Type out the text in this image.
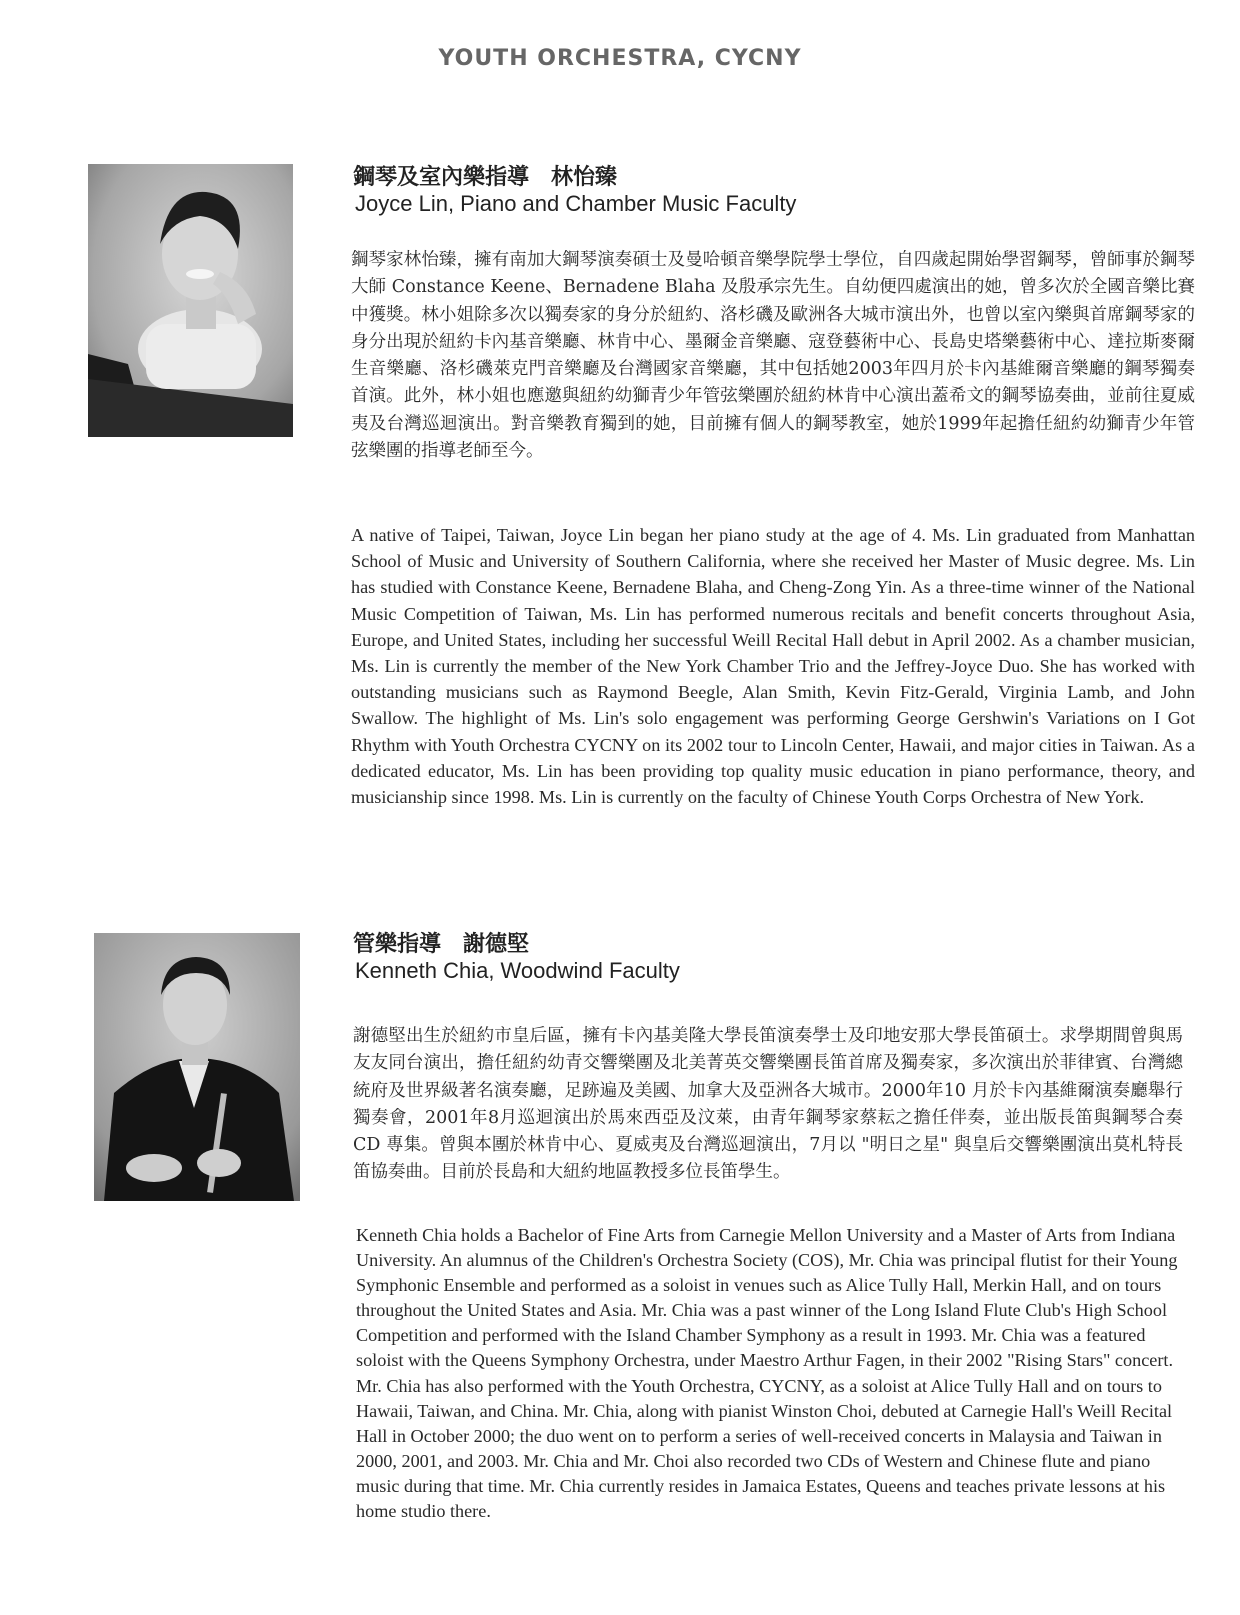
YOUTH ORCHESTRA, CYCNY
鋼琴及室內樂指導　林怡臻
Joyce Lin, Piano and Chamber Music Faculty
鋼琴家林怡臻，擁有南加大鋼琴演奏碩士及曼哈頓音樂學院學士學位，自四歲起開始學習鋼琴，曾師事於鋼琴大師 Constance Keene、Bernadene Blaha 及殷承宗先生。自幼便四處演出的她，曾多次於全國音樂比賽中獲獎。林小姐除多次以獨奏家的身分於紐約、洛杉磯及歐洲各大城市演出外，也曾以室內樂與首席鋼琴家的身分出現於紐約卡內基音樂廳、林肯中心、墨爾金音樂廳、寇登藝術中心、長島史塔樂藝術中心、達拉斯麥爾生音樂廳、洛杉磯萊克門音樂廳及台灣國家音樂廳，其中包括她2003年四月於卡內基維爾音樂廳的鋼琴獨奏首演。此外，林小姐也應邀與紐約幼獅青少年管弦樂團於紐約林肯中心演出蓋希文的鋼琴協奏曲，並前往夏威夷及台灣巡迴演出。對音樂教育獨到的她，目前擁有個人的鋼琴教室，她於1999年起擔任紐約幼獅青少年管弦樂團的指導老師至今。
A native of Taipei, Taiwan, Joyce Lin began her piano study at the age of 4. Ms. Lin graduated from Manhattan School of Music and University of Southern California, where she received her Master of Music degree. Ms. Lin has studied with Constance Keene, Bernadene Blaha, and Cheng-Zong Yin. As a three-time winner of the National Music Competition of Taiwan, Ms. Lin has performed numerous recitals and benefit concerts throughout Asia, Europe, and United States, including her successful Weill Recital Hall debut in April 2002. As a chamber musician, Ms. Lin is currently the member of the New York Chamber Trio and the Jeffrey-Joyce Duo. She has worked with outstanding musicians such as Raymond Beegle, Alan Smith, Kevin Fitz-Gerald, Virginia Lamb, and John Swallow. The highlight of Ms. Lin's solo engagement was performing George Gershwin's Variations on I Got Rhythm with Youth Orchestra CYCNY on its 2002 tour to Lincoln Center, Hawaii, and major cities in Taiwan. As a dedicated educator, Ms. Lin has been providing top quality music education in piano performance, theory, and musicianship since 1998. Ms. Lin is currently on the faculty of Chinese Youth Corps Orchestra of New York.
管樂指導　謝德堅
Kenneth Chia, Woodwind Faculty
謝德堅出生於紐約市皇后區，擁有卡內基美隆大學長笛演奏學士及印地安那大學長笛碩士。求學期間曾與馬友友同台演出，擔任紐約幼青交響樂團及北美菁英交響樂團長笛首席及獨奏家，多次演出於菲律賓、台灣總統府及世界級著名演奏廳，足跡遍及美國、加拿大及亞洲各大城市。2000年10 月於卡內基維爾演奏廳舉行獨奏會，2001年8月巡迴演出於馬來西亞及汶萊，由青年鋼琴家蔡耘之擔任伴奏，並出版長笛與鋼琴合奏 CD 專集。曾與本團於林肯中心、夏威夷及台灣巡迴演出，7月以 "明日之星" 與皇后交響樂團演出莫札特長笛協奏曲。目前於長島和大紐約地區教授多位長笛學生。
Kenneth Chia holds a Bachelor of Fine Arts from Carnegie Mellon University and a Master of Arts from Indiana University. An alumnus of the Children's Orchestra Society (COS), Mr. Chia was principal flutist for their Young Symphonic Ensemble and performed as a soloist in venues such as Alice Tully Hall, Merkin Hall, and on tours throughout the United States and Asia. Mr. Chia was a past winner of the Long Island Flute Club's High School Competition and performed with the Island Chamber Symphony as a result in 1993. Mr. Chia was a featured soloist with the Queens Symphony Orchestra, under Maestro Arthur Fagen, in their 2002 "Rising Stars" concert. Mr. Chia has also performed with the Youth Orchestra, CYCNY, as a soloist at Alice Tully Hall and on tours to Hawaii, Taiwan, and China. Mr. Chia, along with pianist Winston Choi, debuted at Carnegie Hall's Weill Recital Hall in October 2000; the duo went on to perform a series of well-received concerts in Malaysia and Taiwan in 2000, 2001, and 2003. Mr. Chia and Mr. Choi also recorded two CDs of Western and Chinese flute and piano music during that time. Mr. Chia currently resides in Jamaica Estates, Queens and teaches private lessons at his home studio there.
